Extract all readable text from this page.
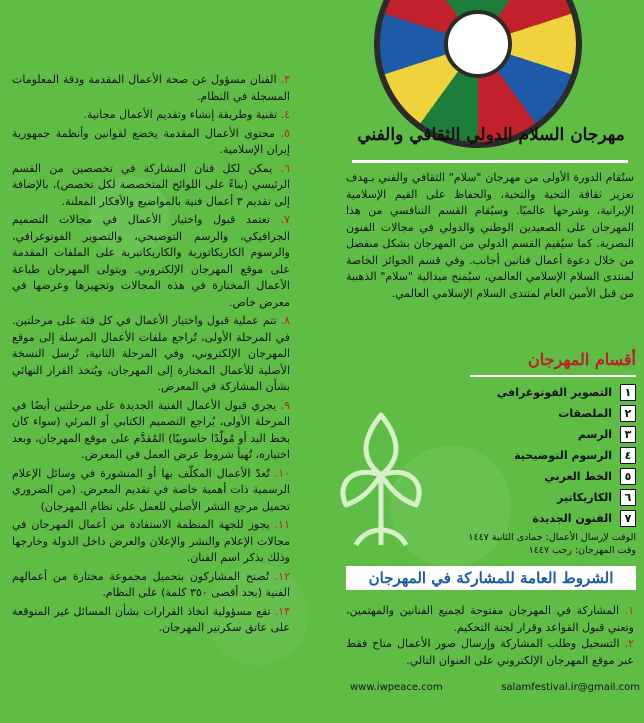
٣. الفنان مسؤول عن صحة الأعمال المقدمة ودقة المعلومات المسجلة في النظام.

٤. تقنية وطريقة إنشاء وتقديم الأعمال مجانية.

٥. محتوى الأعمال المقدمة يخضع لقوانين وأنظمة جمهورية إيران الإسلامية.

٦. يمكن لكل فنان المشاركة في تخصصين من القسم الرئيسي (بناءً على اللوائح المتخصصة لكل تخصص)، بالإضافة إلى تقديم ٣ أعمال فنية بالمواضيع والأفكار المعلنة.

٧. تعتمد قبول واختيار الأعمال في مجالات التصميم الجرافيكي، والرسم التوضيحي، والتصوير الفوتوغرافي، والرسوم الكاريكاتورية والكاريكاتيرية على الملفات المقدمة على موقع المهرجان الإلكتروني. ويتولى المهرجان طباعة الأعمال المختارة في هذه المجالات وتجهيزها وعرضها في معرض خاص.

٨. تتم عملية قبول واختيار الأعمال في كل فئة على مرحلتين. في المرحلة الأولى، تُراجع ملفات الأعمال المرسلة إلى موقع المهرجان الإلكتروني، وفي المرحلة الثانية، تُرسل النسخة الأصلية للأعمال المختارة إلى المهرجان، ويُتخذ القرار النهائي بشأن المشاركة في المعرض.

٩. يجري قبول الأعمال الفنية الجديدة على مرحلتين أيضًا في المرحلة الأولى، يُراجع التصميم الكتابي أو المرئي (سواء كان بخط اليد أو مُولّدًا حاسوبيًا) المُقدَّم على موقع المهرجان، وبعد اختياره، تُهيأ شروط عرض العمل في المعرض.

١٠. تُعدّ الأعمال المكلّف بها أو المنشورة في وسائل الإعلام الرسمية ذات أهمية خاصة في تقديم المعرض. (من الضروري تحميل مرجع النشر الأصلي للعمل على نظام المهرجان)

١١. يجوز للجهة المنظمة الاستفادة من أعمال المهرجان في مجالات الإعلام والنشر والإعلان والعرض داخل الدولة وخارجها وذلك بذكر اسم الفنان.

١٢. تُصنح المشاركون بتحميل مجموعة مختارة من أعمالهم الفنية (بحد أقصى ٣٥٠ كلمة) على النظام.

١٣. تقع مسؤولية اتخاذ القرارات بشأن المسائل غير المتوقعة على عاتق سكرتير المهرجان.

مهرجان السلام الدولي الثقافي والفني
ستُقام الدورة الأولى من مهرجان "سلام" الثقافي والفني بـهدف تعزيز ثقافة التحية والتحية، والحفاظ على القيم الإسلامية الإيرانية، وشرحها عالميًا. وسيُقام القسم التنافسي من هذا المهرجان على الصعيدين الوطني والدولي في مجالات الفنون البصرية. كما سيُقيم القسم الدولي من المهرجان بشكل منفصل من خلال دعوة أعمال فنانين أجانب. وفي قسم الجوائز الخاصة لمنتدى السلام الإسلامي العالمي، سيُمنح ميدالية "سلام" الذهبية من قبل الأمين العام لمنتدى السلام الإسلامي العالمي.
أقسام المهرجان
١
التصوير الفوتوغرافي
٢
الملصقات
٣
الرسم
٤
الرسوم التوضيحية
٥
الخط العربي
٦
الكاريكاتير
٧
الفنون الجديدة
الوقت لإرسال الأعمال: جمادى الثانية ١٤٤٧
وقت المهرجان: رجب ١٤٤٧
الشروط العامة للمشاركة في المهرجان

١. المشاركة في المهرجان مفتوحة لجميع الفنانين والمهتمين، وتعني قبول القواعد وقرار لجنة التحكيم.

٢. التسجيل وطلب المشاركة وإرسال صور الأعمال متاح فقط عبر موقع المهرجان الإلكتروني على العنوان التالي.

www.iwpeace.com	salamfestival.ir@gmail.com
